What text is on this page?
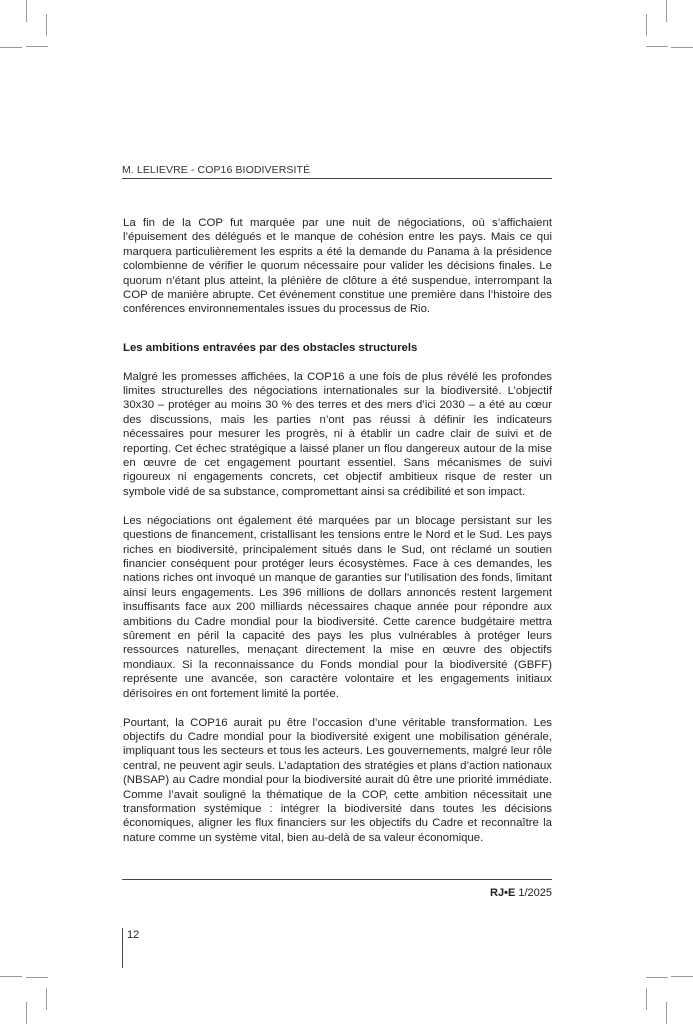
M. LELIEVRE - COP16 BIODIVERSITÉ

La fin de la COP fut marquée par une nuit de négociations, où s’affichaient l’épuisement des délégués et le manque de cohésion entre les pays. Mais ce qui marquera particulièrement les esprits a été la demande du Panama à la présidence colombienne de vérifier le quorum nécessaire pour valider les décisions finales. Le quorum n’étant plus atteint, la plénière de clôture a été suspendue, interrompant la COP de manière abrupte. Cet événement constitue une première dans l’histoire des conférences environnementales issues du processus de Rio.

Les ambitions entravées par des obstacles structurels

Malgré les promesses affichées, la COP16 a une fois de plus révélé les profondes limites structurelles des négociations internationales sur la biodiversité. L’objectif 30x30 – protéger au moins 30 % des terres et des mers d’ici 2030 – a été au cœur des discussions, mais les parties n’ont pas réussi à définir les indicateurs nécessaires pour mesurer les progrès, ni à établir un cadre clair de suivi et de reporting. Cet échec stratégique a laissé planer un flou dangereux autour de la mise en œuvre de cet engagement pourtant essentiel. Sans mécanismes de suivi rigoureux ni engagements concrets, cet objectif ambitieux risque de rester un symbole vidé de sa substance, compromettant ainsi sa crédibilité et son impact.

Les négociations ont également été marquées par un blocage persistant sur les questions de financement, cristallisant les tensions entre le Nord et le Sud. Les pays riches en biodiversité, principalement situés dans le Sud, ont réclamé un soutien financier conséquent pour protéger leurs écosystèmes. Face à ces demandes, les nations riches ont invoqué un manque de garanties sur l’utilisation des fonds, limitant ainsi leurs engagements. Les 396 millions de dollars annoncés restent largement insuffisants face aux 200 milliards nécessaires chaque année pour répondre aux ambitions du Cadre mondial pour la biodiversité. Cette carence budgétaire mettra sûrement en péril la capacité des pays les plus vulnérables à protéger leurs ressources naturelles, menaçant directement la mise en œuvre des objectifs mondiaux. Si la reconnaissance du Fonds mondial pour la biodiversité (GBFF) représente une avancée, son caractère volontaire et les engagements initiaux dérisoires en ont fortement limité la portée.

Pourtant, la COP16 aurait pu être l’occasion d’une véritable transformation. Les objectifs du Cadre mondial pour la biodiversité exigent une mobilisation générale, impliquant tous les secteurs et tous les acteurs. Les gouvernements, malgré leur rôle central, ne peuvent agir seuls. L’adaptation des stratégies et plans d’action nationaux (NBSAP) au Cadre mondial pour la biodiversité aurait dû être une priorité immédiate. Comme l’avait souligné la thématique de la COP, cette ambition nécessitait une transformation systémique : intégrer la biodiversité dans toutes les décisions économiques, aligner les flux financiers sur les objectifs du Cadre et reconnaître la nature comme un système vital, bien au-delà de sa valeur économique.

RJ•E 1/2025
12
